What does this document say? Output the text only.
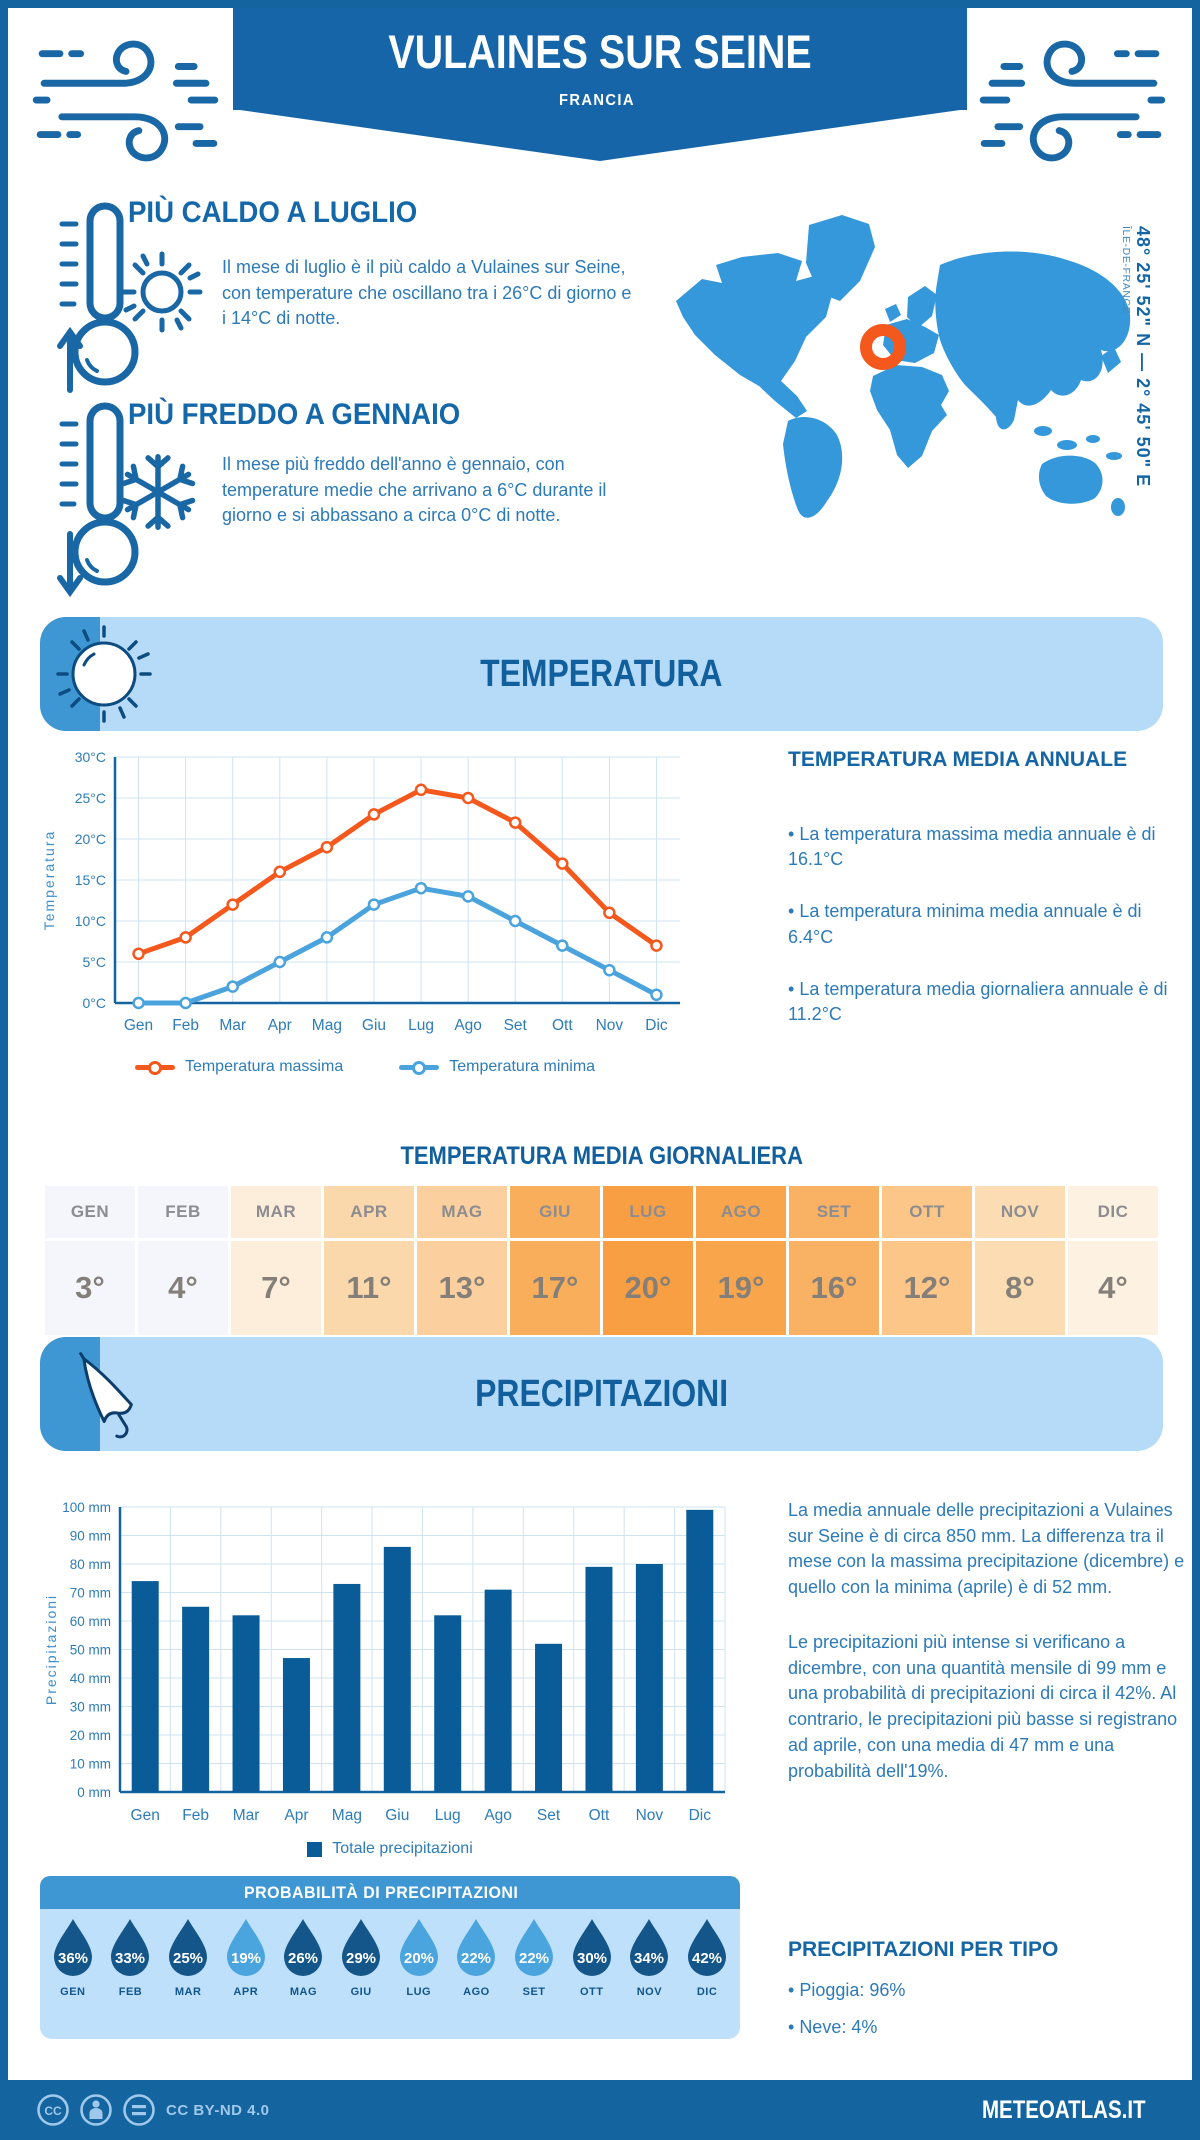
VULAINES SUR SEINE
FRANCIA
PIÙ CALDO A LUGLIO
Il mese di luglio è il più caldo a Vulaines sur Seine, con temperature che oscillano tra i 26°C di giorno e i 14°C di notte.
PIÙ FREDDO A GENNAIO
Il mese più freddo dell'anno è gennaio, con temperature medie che arrivano a 6°C durante il giorno e si abbassano a circa 0°C di notte.
48° 25' 52" N — 2° 45' 50" E
ÎLE-DE-FRANCE
TEMPERATURA
0°C
5°C
10°C
15°C
20°C
25°C
30°C
Gen Feb Mar Apr Mag Giu Lug Ago Set Ott Nov Dic
Temperatura
Temperatura massima	Temperatura minima
TEMPERATURA MEDIA ANNUALE
• La temperatura massima media annuale è di 16.1°C
• La temperatura minima media annuale è di 6.4°C
• La temperatura media giornaliera annuale è di 11.2°C
TEMPERATURA MEDIA GIORNALIERA
GEN
3°
FEB
4°
MAR
7°
APR
11°
MAG
13°
GIU
17°
LUG
20°
AGO
19°
SET
16°
OTT
12°
NOV
8°
DIC
4°
PRECIPITAZIONI
0 mm
10 mm
20 mm
30 mm
40 mm
50 mm
60 mm
70 mm
80 mm
90 mm
100 mm
Gen Feb Mar Apr Mag Giu Lug Ago Set Ott Nov Dic
Precipitazioni
Totale precipitazioni
La media annuale delle precipitazioni a Vulaines sur Seine è di circa 850 mm. La differenza tra il mese con la massima precipitazione (dicembre) e quello con la minima (aprile) è di 52 mm.
Le precipitazioni più intense si verificano a dicembre, con una quantità mensile di 99 mm e una probabilità di precipitazioni di circa il 42%. Al contrario, le precipitazioni più basse si registrano ad aprile, con una media di 47 mm e una probabilità dell'19%.
PROBABILITÀ DI PRECIPITAZIONI
36%
GEN
33%
FEB
25%
MAR
19%
APR
26%
MAG
29%
GIU
20%
LUG
22%
AGO
22%
SET
30%
OTT
34%
NOV
42%
DIC
PRECIPITAZIONI PER TIPO
• Pioggia: 96%
• Neve: 4%
CC	CC BY-ND 4.0	METEOATLAS.IT
